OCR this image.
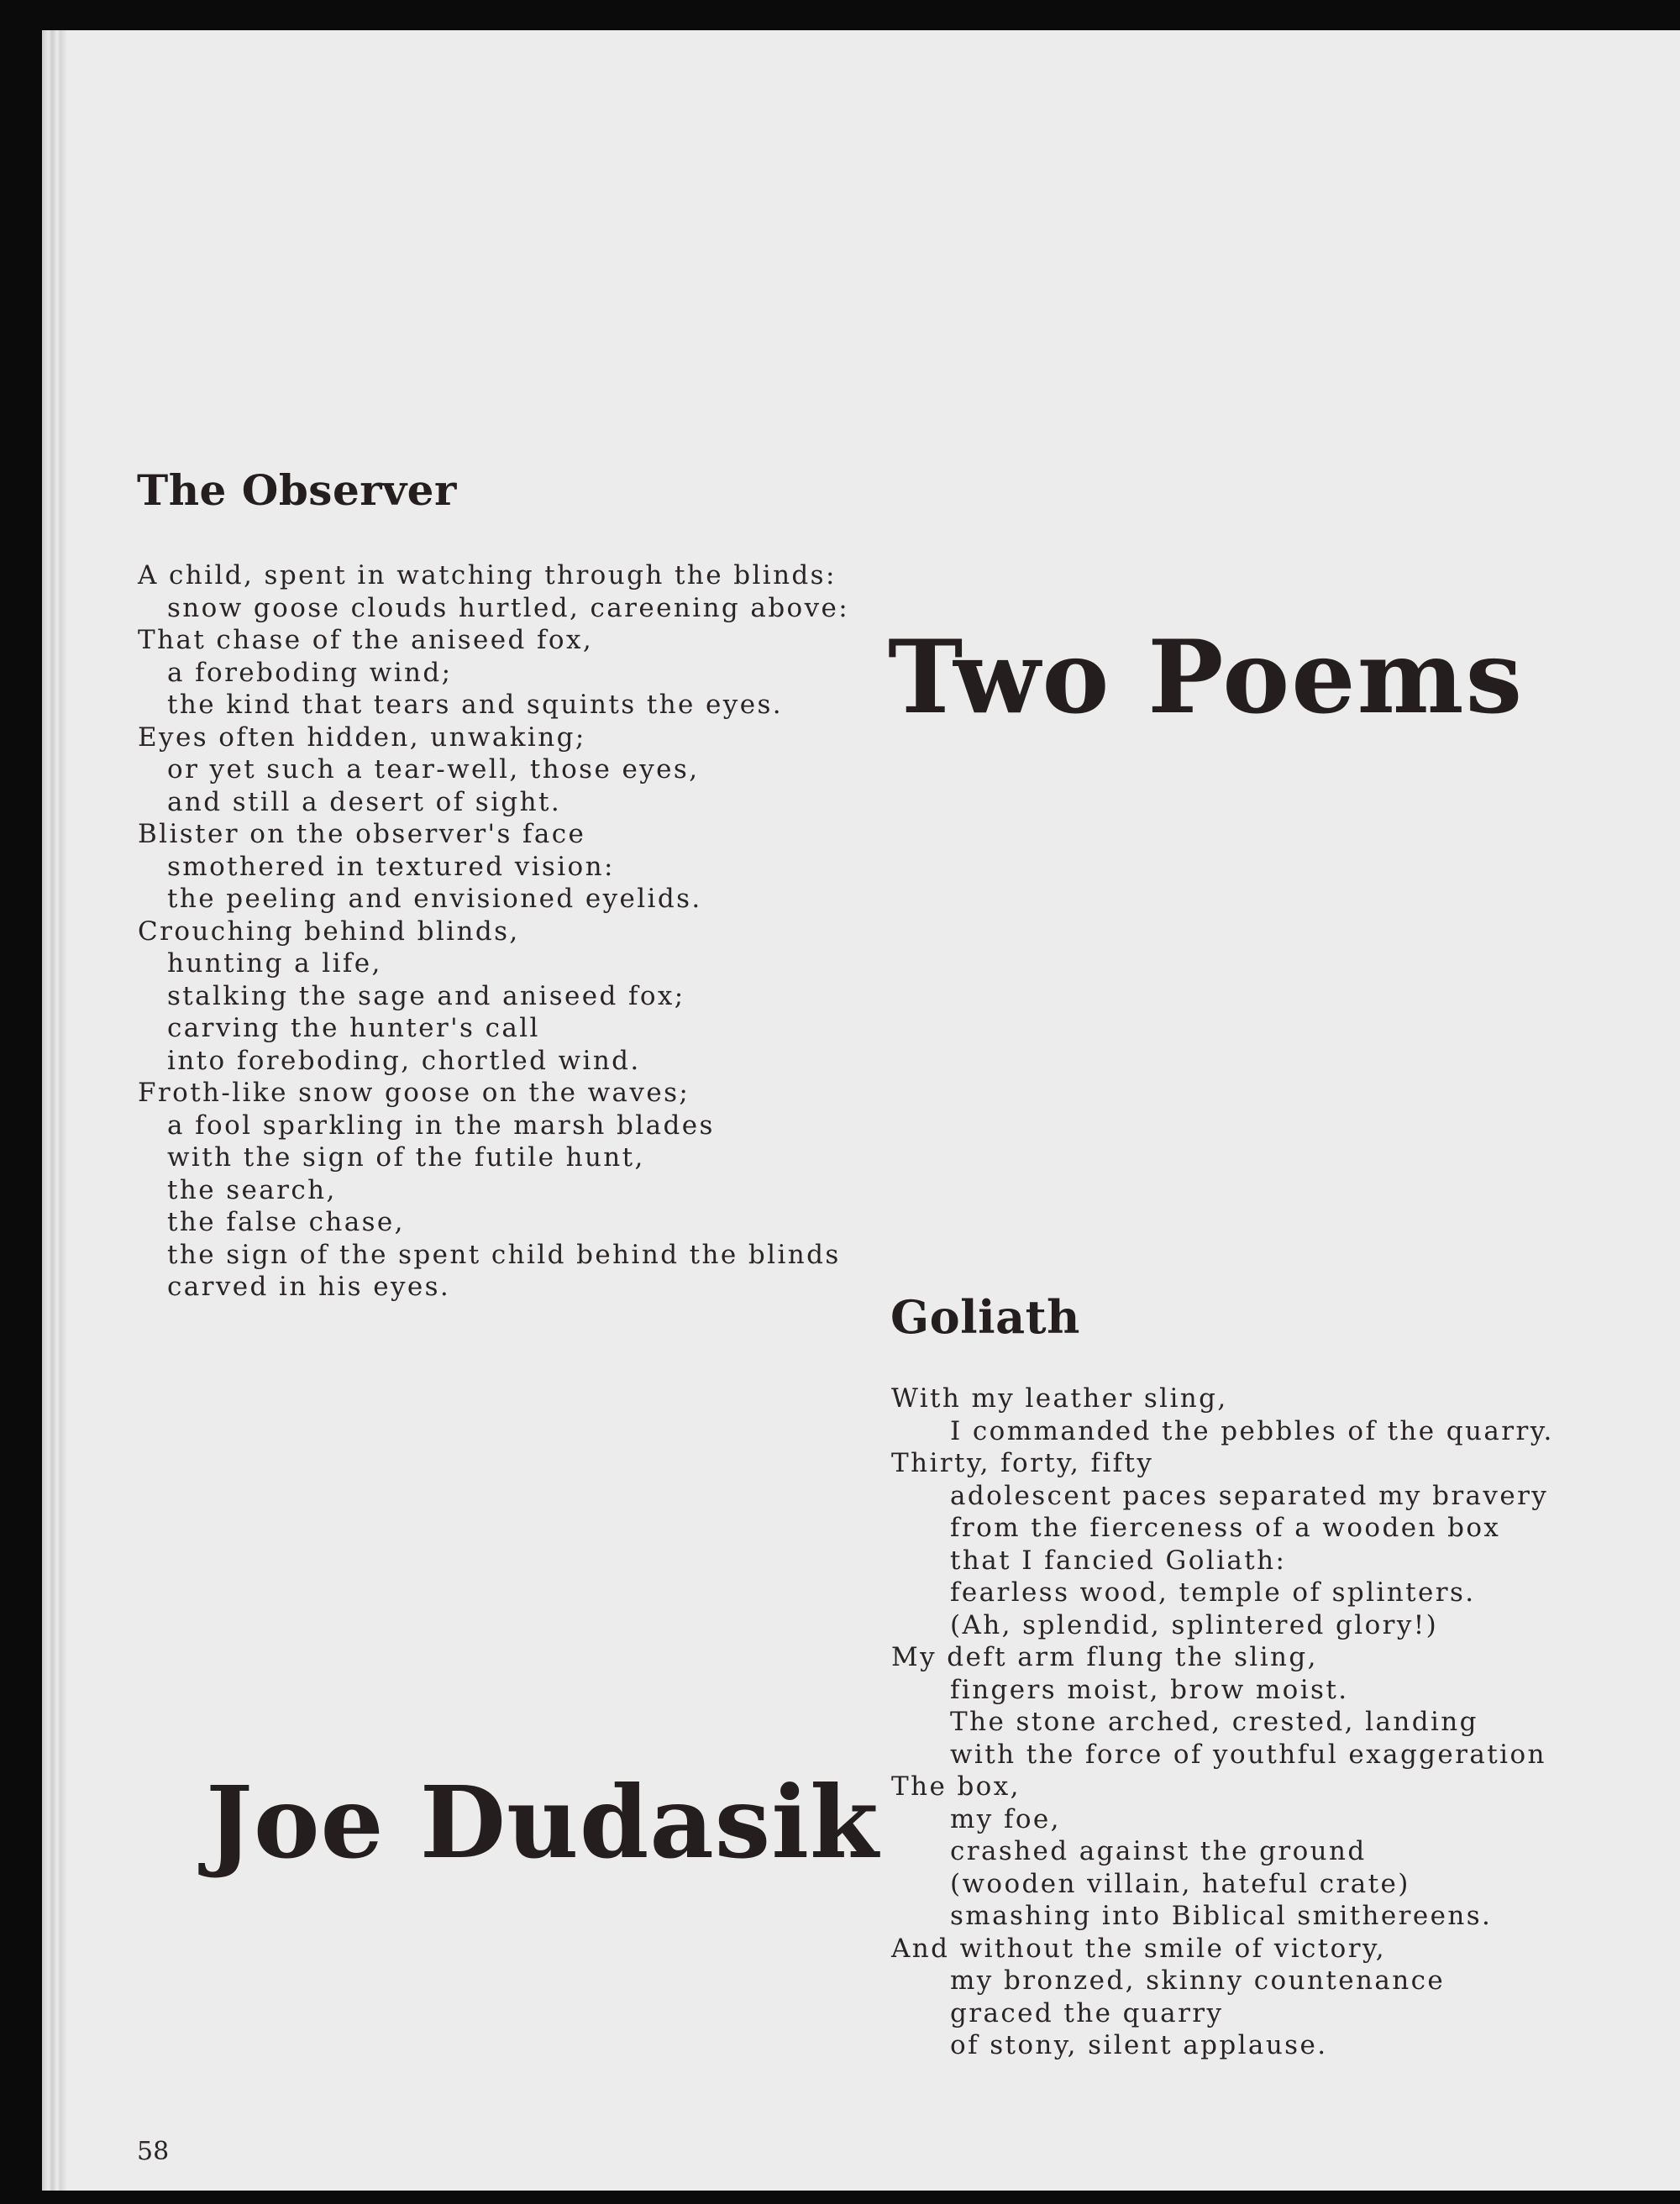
The Observer
A child, spent in watching through the blinds:
snow goose clouds hurtled, careening above:
That chase of the aniseed fox,
a foreboding wind;
the kind that tears and squints the eyes.
Eyes often hidden, unwaking;
or yet such a tear-well, those eyes,
and still a desert of sight.
Blister on the observer's face
smothered in textured vision:
the peeling and envisioned eyelids.
Crouching behind blinds,
hunting a life,
stalking the sage and aniseed fox;
carving the hunter's call
into foreboding, chortled wind.
Froth-like snow goose on the waves;
a fool sparkling in the marsh blades
with the sign of the futile hunt,
the search,
the false chase,
the sign of the spent child behind the blinds
carved in his eyes.
Two Poems
Goliath
With my leather sling,
I commanded the pebbles of the quarry.
Thirty, forty, fifty
adolescent paces separated my bravery
from the fierceness of a wooden box
that I fancied Goliath:
fearless wood, temple of splinters.
(Ah, splendid, splintered glory!)
My deft arm flung the sling,
fingers moist, brow moist.
The stone arched, crested, landing
with the force of youthful exaggeration
The box,
my foe,
crashed against the ground
(wooden villain, hateful crate)
smashing into Biblical smithereens.
And without the smile of victory,
my bronzed, skinny countenance
graced the quarry
of stony, silent applause.
Joe Dudasik
58
